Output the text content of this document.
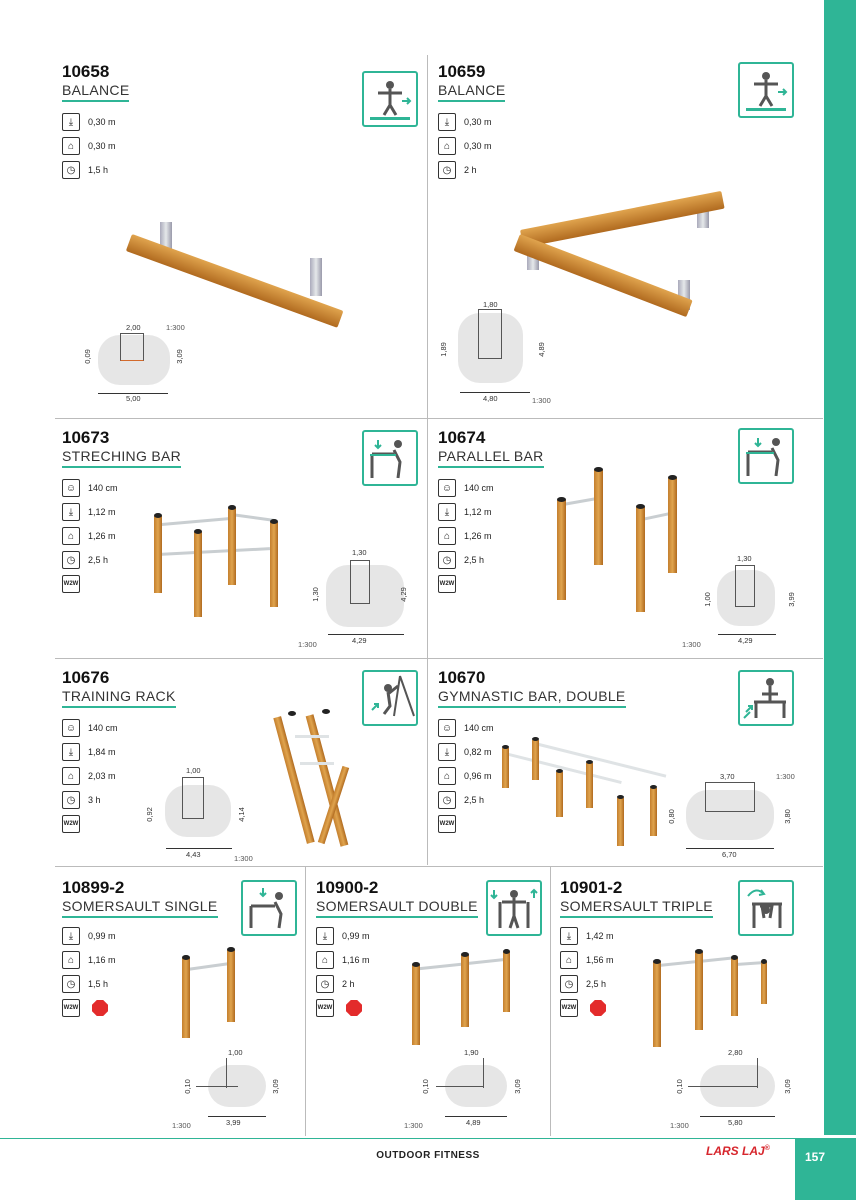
10658
BALANCE
⤓	0,30 m
⌂	0,30 m
◷	1,5 h
2,00	1:300
0,09	3,09
5,00
10659
BALANCE
⤓	0,30 m
⌂	0,30 m
◷	2 h
1,80
1,89	4,89
4,80	1:300
10673
STRECHING BAR
☺	140 cm
⤓	1,12 m
⌂	1,26 m
◷	2,5 h
W2W
1,30
1,30	4,29
4,29
1:300
10674
PARALLEL BAR
☺	140 cm
⤓	1,12 m
⌂	1,26 m
◷	2,5 h
W2W
1,30
1,00	3,99
4,29
1:300
10676
TRAINING RACK
☺	140 cm
⤓	1,84 m
⌂	2,03 m
◷	3 h
W2W
1,00
0,92	4,14
4,43	1:300
10670
GYMNASTIC BAR, DOUBLE
☺	140 cm
⤓	0,82 m
⌂	0,96 m
◷	2,5 h
W2W
3,70	1:300
0,80	3,80
6,70
10899-2
SOMERSAULT SINGLE
⤓	0,99 m
⌂	1,16 m
◷	1,5 h
W2W
1,00
0,10	3,09
3,99
1:300
10900-2
SOMERSAULT DOUBLE
⤓	0,99 m
⌂	1,16 m
◷	2 h
W2W
1,90
0,10	3,09
4,89
1:300
10901-2
SOMERSAULT TRIPLE
⤓	1,42 m
⌂	1,56 m
◷	2,5 h
W2W
2,80
0,10	3,09
5,80
1:300
OUTDOOR FITNESS	LARS LAJ®
157
